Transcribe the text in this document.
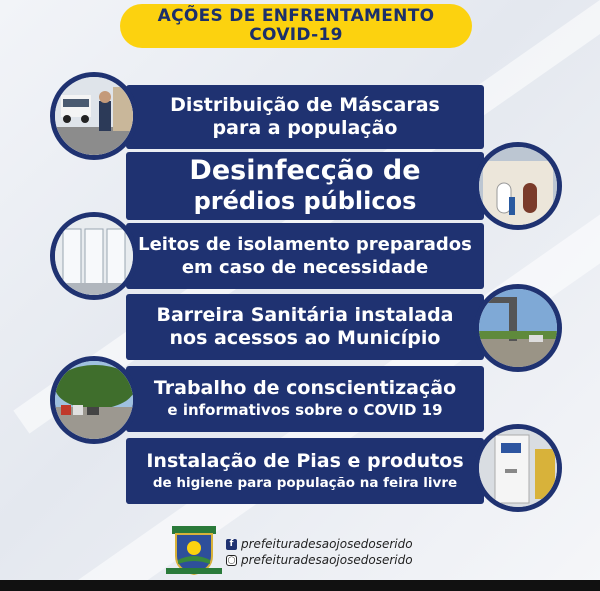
AÇÕES DE ENFRENTAMENTO
COVID-19
Distribuição de Máscaras
para a população
Desinfecção de
prédios públicos
Leitos de isolamento preparados
em caso de necessidade
Barreira Sanitária instalada
nos acessos ao Município
Trabalho de conscientização
e informativos sobre o COVID 19
Instalação de Pias e produtos
de higiene para população na feira livre
f prefeituradesaojosedoserido
◯ prefeituradesaojosedoserido
